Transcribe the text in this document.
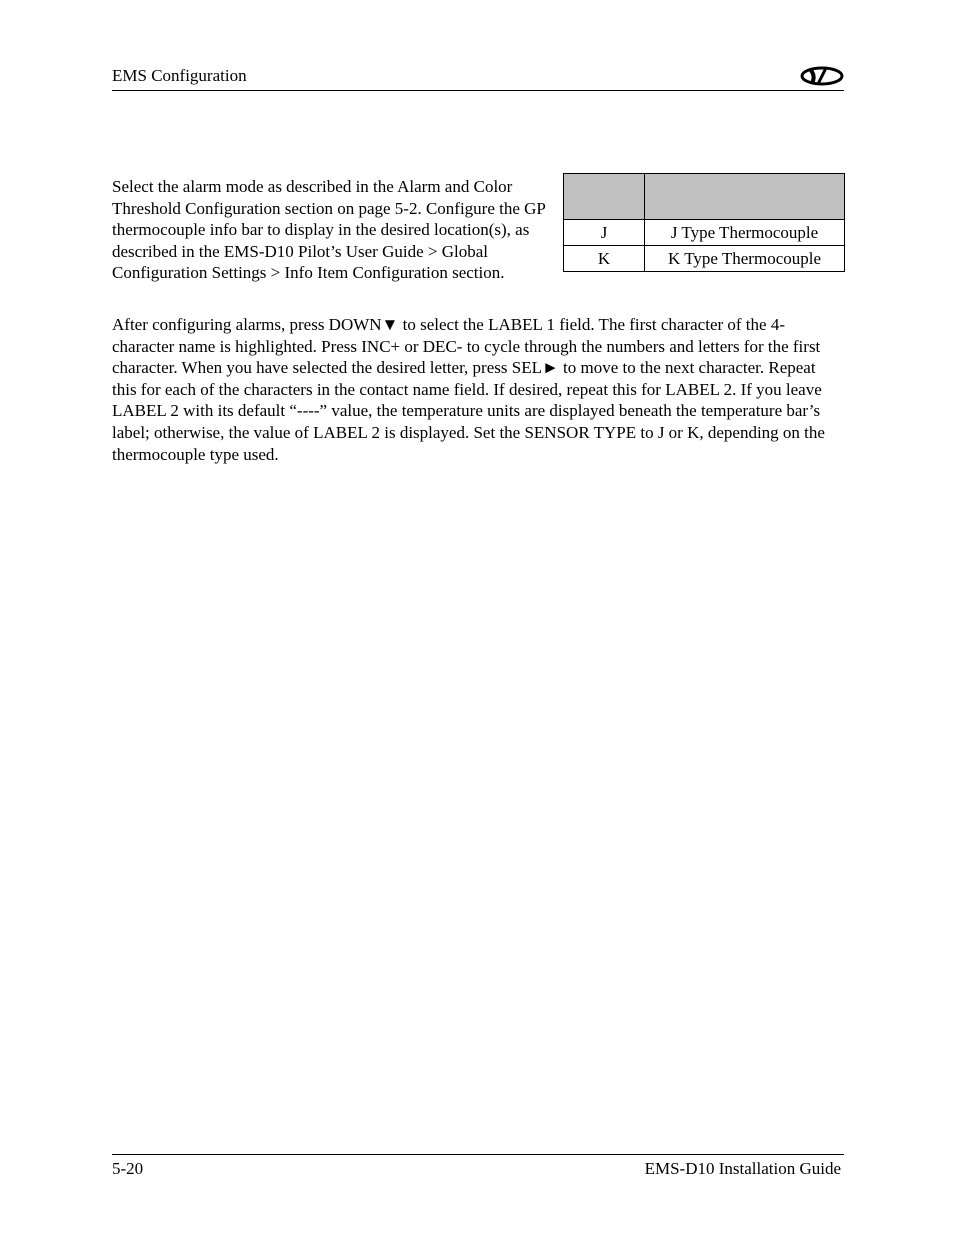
EMS Configuration

Select the alarm mode as described in the Alarm and Color Threshold Configuration section on page 5-2. Configure the GP thermocouple info bar to display in the desired location(s), as described in the EMS-D10 Pilot’s User Guide > Global Configuration Settings > Info Item Configuration section.

J	J Type Thermocouple
K	K Type Thermocouple

After configuring alarms, press DOWN▼ to select the LABEL 1 field. The first character of the 4-character name is highlighted. Press INC+ or DEC- to cycle through the numbers and letters for the first character. When you have selected the desired letter, press SEL► to move to the next character. Repeat this for each of the characters in the contact name field. If desired, repeat this for LABEL 2. If you leave LABEL 2 with its default “----” value, the temperature units are displayed beneath the temperature bar’s label; otherwise, the value of LABEL 2 is displayed. Set the SENSOR TYPE to J or K, depending on the thermocouple type used.

5-20	EMS-D10 Installation Guide
